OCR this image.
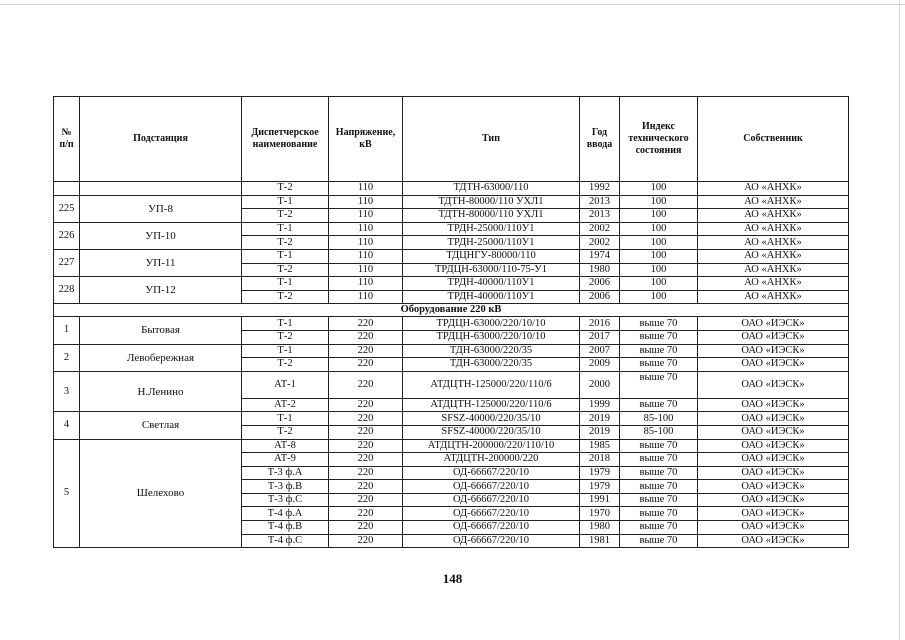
№
п/п	Подстанция	Диспетчерское наименование	Напряжение, кВ	Тип	Год ввода	Индекс технического состояния	Собственник
		Т-2	110	ТДТН-63000/110	1992	100	АО «АНХК»
225	УП-8	Т-1	110	ТДТН-80000/110 УХЛ1	2013	100	АО «АНХК»
		Т-2	110	ТДТН-80000/110 УХЛ1	2013	100	АО «АНХК»
226	УП-10	Т-1	110	ТРДН-25000/110У1	2002	100	АО «АНХК»
		Т-2	110	ТРДН-25000/110У1	2002	100	АО «АНХК»
227	УП-11	Т-1	110	ТДЦНГУ-80000/110	1974	100	АО «АНХК»
		Т-2	110	ТРДЦН-63000/110-75-У1	1980	100	АО «АНХК»
228	УП-12	Т-1	110	ТРДН-40000/110У1	2006	100	АО «АНХК»
		Т-2	110	ТРДН-40000/110У1	2006	100	АО «АНХК»
Оборудование 220 кВ							
1	Бытовая	Т-1	220	ТРДЦН-63000/220/10/10	2016	выше 70	ОАО «ИЭСК»
		Т-2	220	ТРДЦН-63000/220/10/10	2017	выше 70	ОАО «ИЭСК»
2	Левобережная	Т-1	220	ТДН-63000/220/35	2007	выше 70	ОАО «ИЭСК»
		Т-2	220	ТДН-63000/220/35	2009	выше 70	ОАО «ИЭСК»
3	Н.Ленино	АТ-1	220	АТДЦТН-125000/220/110/6	2000	выше 70	ОАО «ИЭСК»
		АТ-2	220	АТДЦТН-125000/220/110/6	1999	выше 70	ОАО «ИЭСК»
4	Светлая	Т-1	220	SFSZ-40000/220/35/10	2019	85-100	ОАО «ИЭСК»
		Т-2	220	SFSZ-40000/220/35/10	2019	85-100	ОАО «ИЭСК»
5	Шелехово	АТ-8	220	АТДЦТН-200000/220/110/10	1985	выше 70	ОАО «ИЭСК»
		АТ-9	220	АТДЦТН-200000/220	2018	выше 70	ОАО «ИЭСК»
		Т-3 ф.А	220	ОД-66667/220/10	1979	выше 70	ОАО «ИЭСК»
		Т-3 ф.В	220	ОД-66667/220/10	1979	выше 70	ОАО «ИЭСК»
		Т-3 ф.С	220	ОД-66667/220/10	1991	выше 70	ОАО «ИЭСК»
		Т-4 ф.А	220	ОД-66667/220/10	1970	выше 70	ОАО «ИЭСК»
		Т-4 ф.В	220	ОД-66667/220/10	1980	выше 70	ОАО «ИЭСК»
		Т-4 ф.С	220	ОД-66667/220/10	1981	выше 70	ОАО «ИЭСК»
148
